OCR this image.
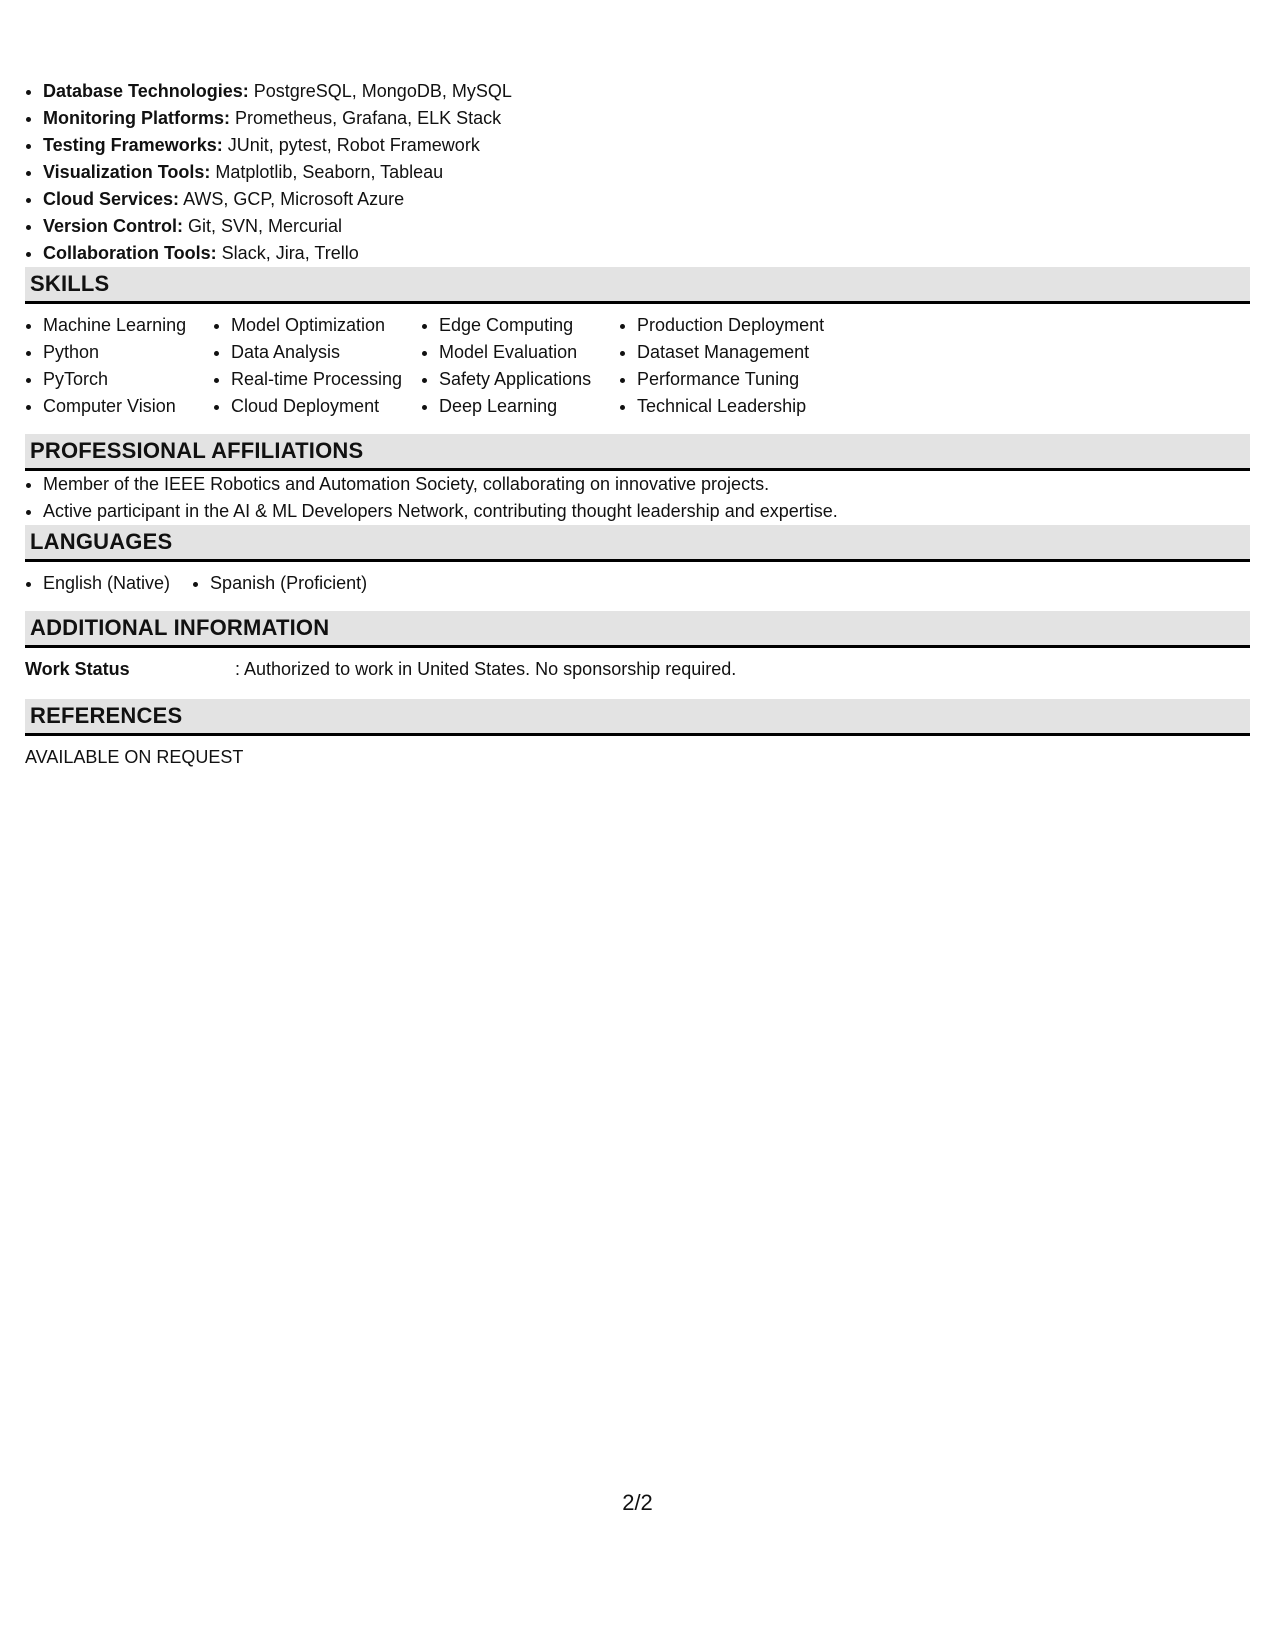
• Database Technologies: PostgreSQL, MongoDB, MySQL
• Monitoring Platforms: Prometheus, Grafana, ELK Stack
• Testing Frameworks: JUnit, pytest, Robot Framework
• Visualization Tools: Matplotlib, Seaborn, Tableau
• Cloud Services: AWS, GCP, Microsoft Azure
• Version Control: Git, SVN, Mercurial
• Collaboration Tools: Slack, Jira, Trello
SKILLS
• Machine Learning
• Python
• PyTorch
• Computer Vision
• Model Optimization
• Data Analysis
• Real-time Processing
• Cloud Deployment
• Edge Computing
• Model Evaluation
• Safety Applications
• Deep Learning
• Production Deployment
• Dataset Management
• Performance Tuning
• Technical Leadership
PROFESSIONAL AFFILIATIONS
• Member of the IEEE Robotics and Automation Society, collaborating on innovative projects.
• Active participant in the AI & ML Developers Network, contributing thought leadership and expertise.
LANGUAGES
• English (Native)
• Spanish (Proficient)
ADDITIONAL INFORMATION
Work Status	: Authorized to work in United States. No sponsorship required.
REFERENCES
AVAILABLE ON REQUEST
2/2
